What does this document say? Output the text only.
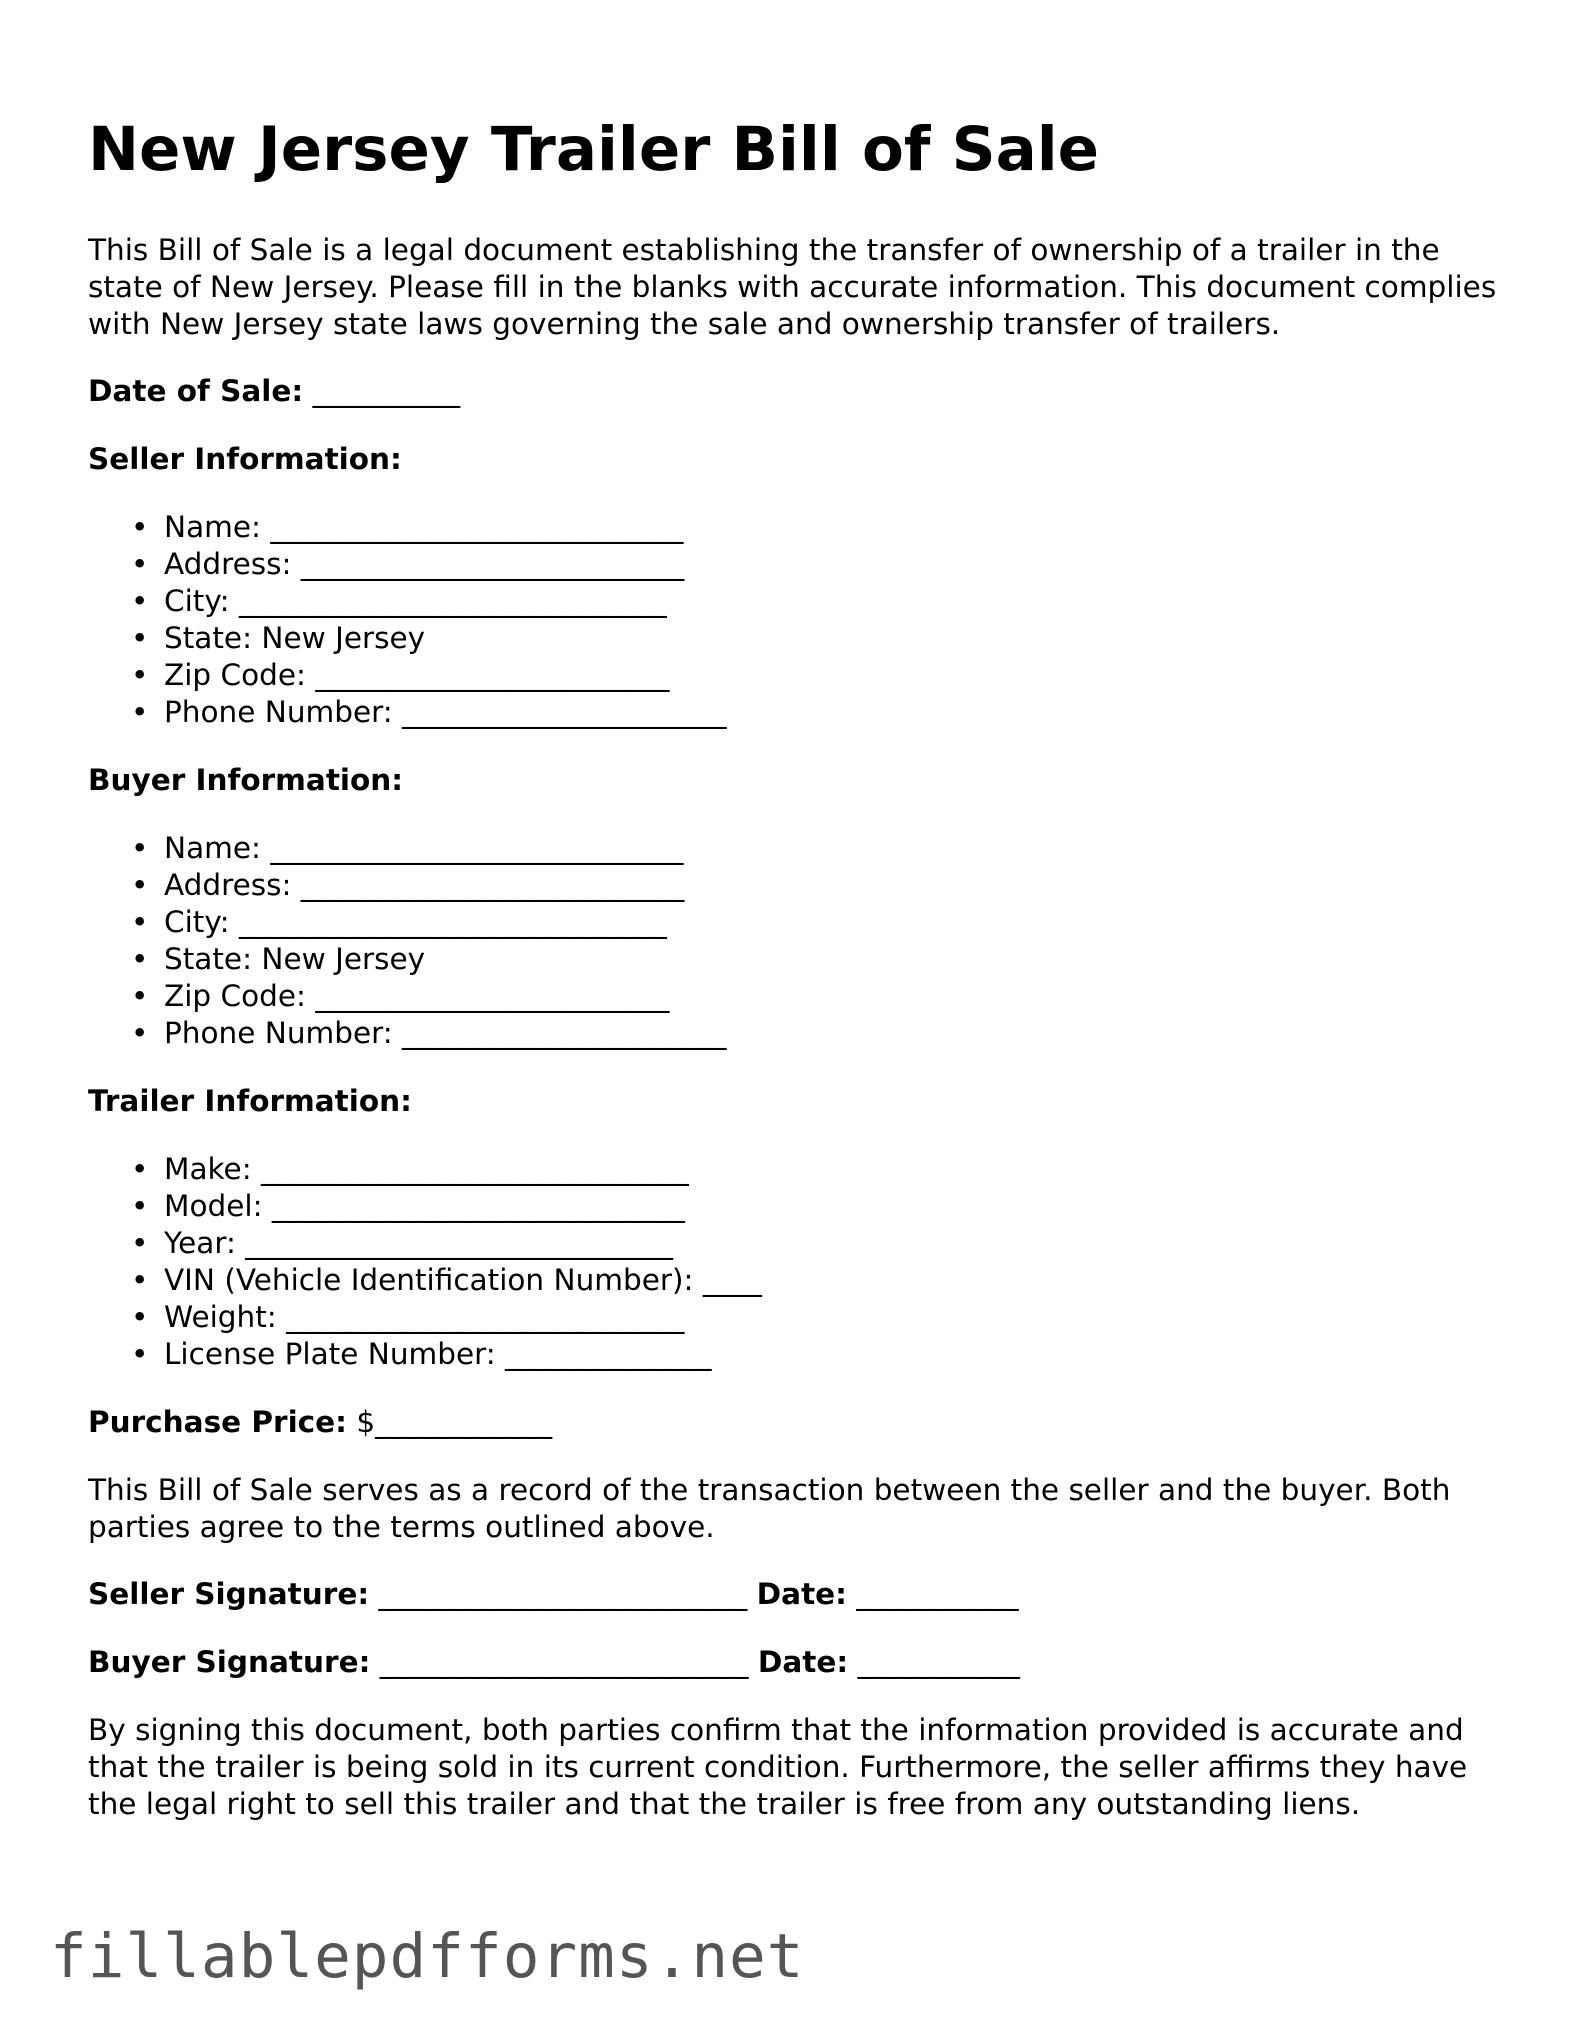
New Jersey Trailer Bill of Sale

This Bill of Sale is a legal document establishing the transfer of ownership of a trailer in the state of New Jersey. Please fill in the blanks with accurate information. This document complies with New Jersey state laws governing the sale and ownership transfer of trailers.

Date of Sale: __________
Seller Information:
• Name: ____________________________
• Address: __________________________
• City: _____________________________
• State: New Jersey
• Zip Code: ________________________
• Phone Number: ______________________
Buyer Information:
• Name: ____________________________
• Address: __________________________
• City: _____________________________
• State: New Jersey
• Zip Code: ________________________
• Phone Number: ______________________
Trailer Information:
• Make: _____________________________
• Model: ____________________________
• Year: _____________________________
• VIN (Vehicle Identification Number): ____
• Weight: ___________________________
• License Plate Number: ______________
Purchase Price: $____________

This Bill of Sale serves as a record of the transaction between the seller and the buyer. Both parties agree to the terms outlined above.

Seller Signature: _________________________ Date: ___________
Buyer Signature: _________________________ Date: ___________

By signing this document, both parties confirm that the information provided is accurate and that the trailer is being sold in its current condition. Furthermore, the seller affirms they have the legal right to sell this trailer and that the trailer is free from any outstanding liens.

fillablepdfforms.net
